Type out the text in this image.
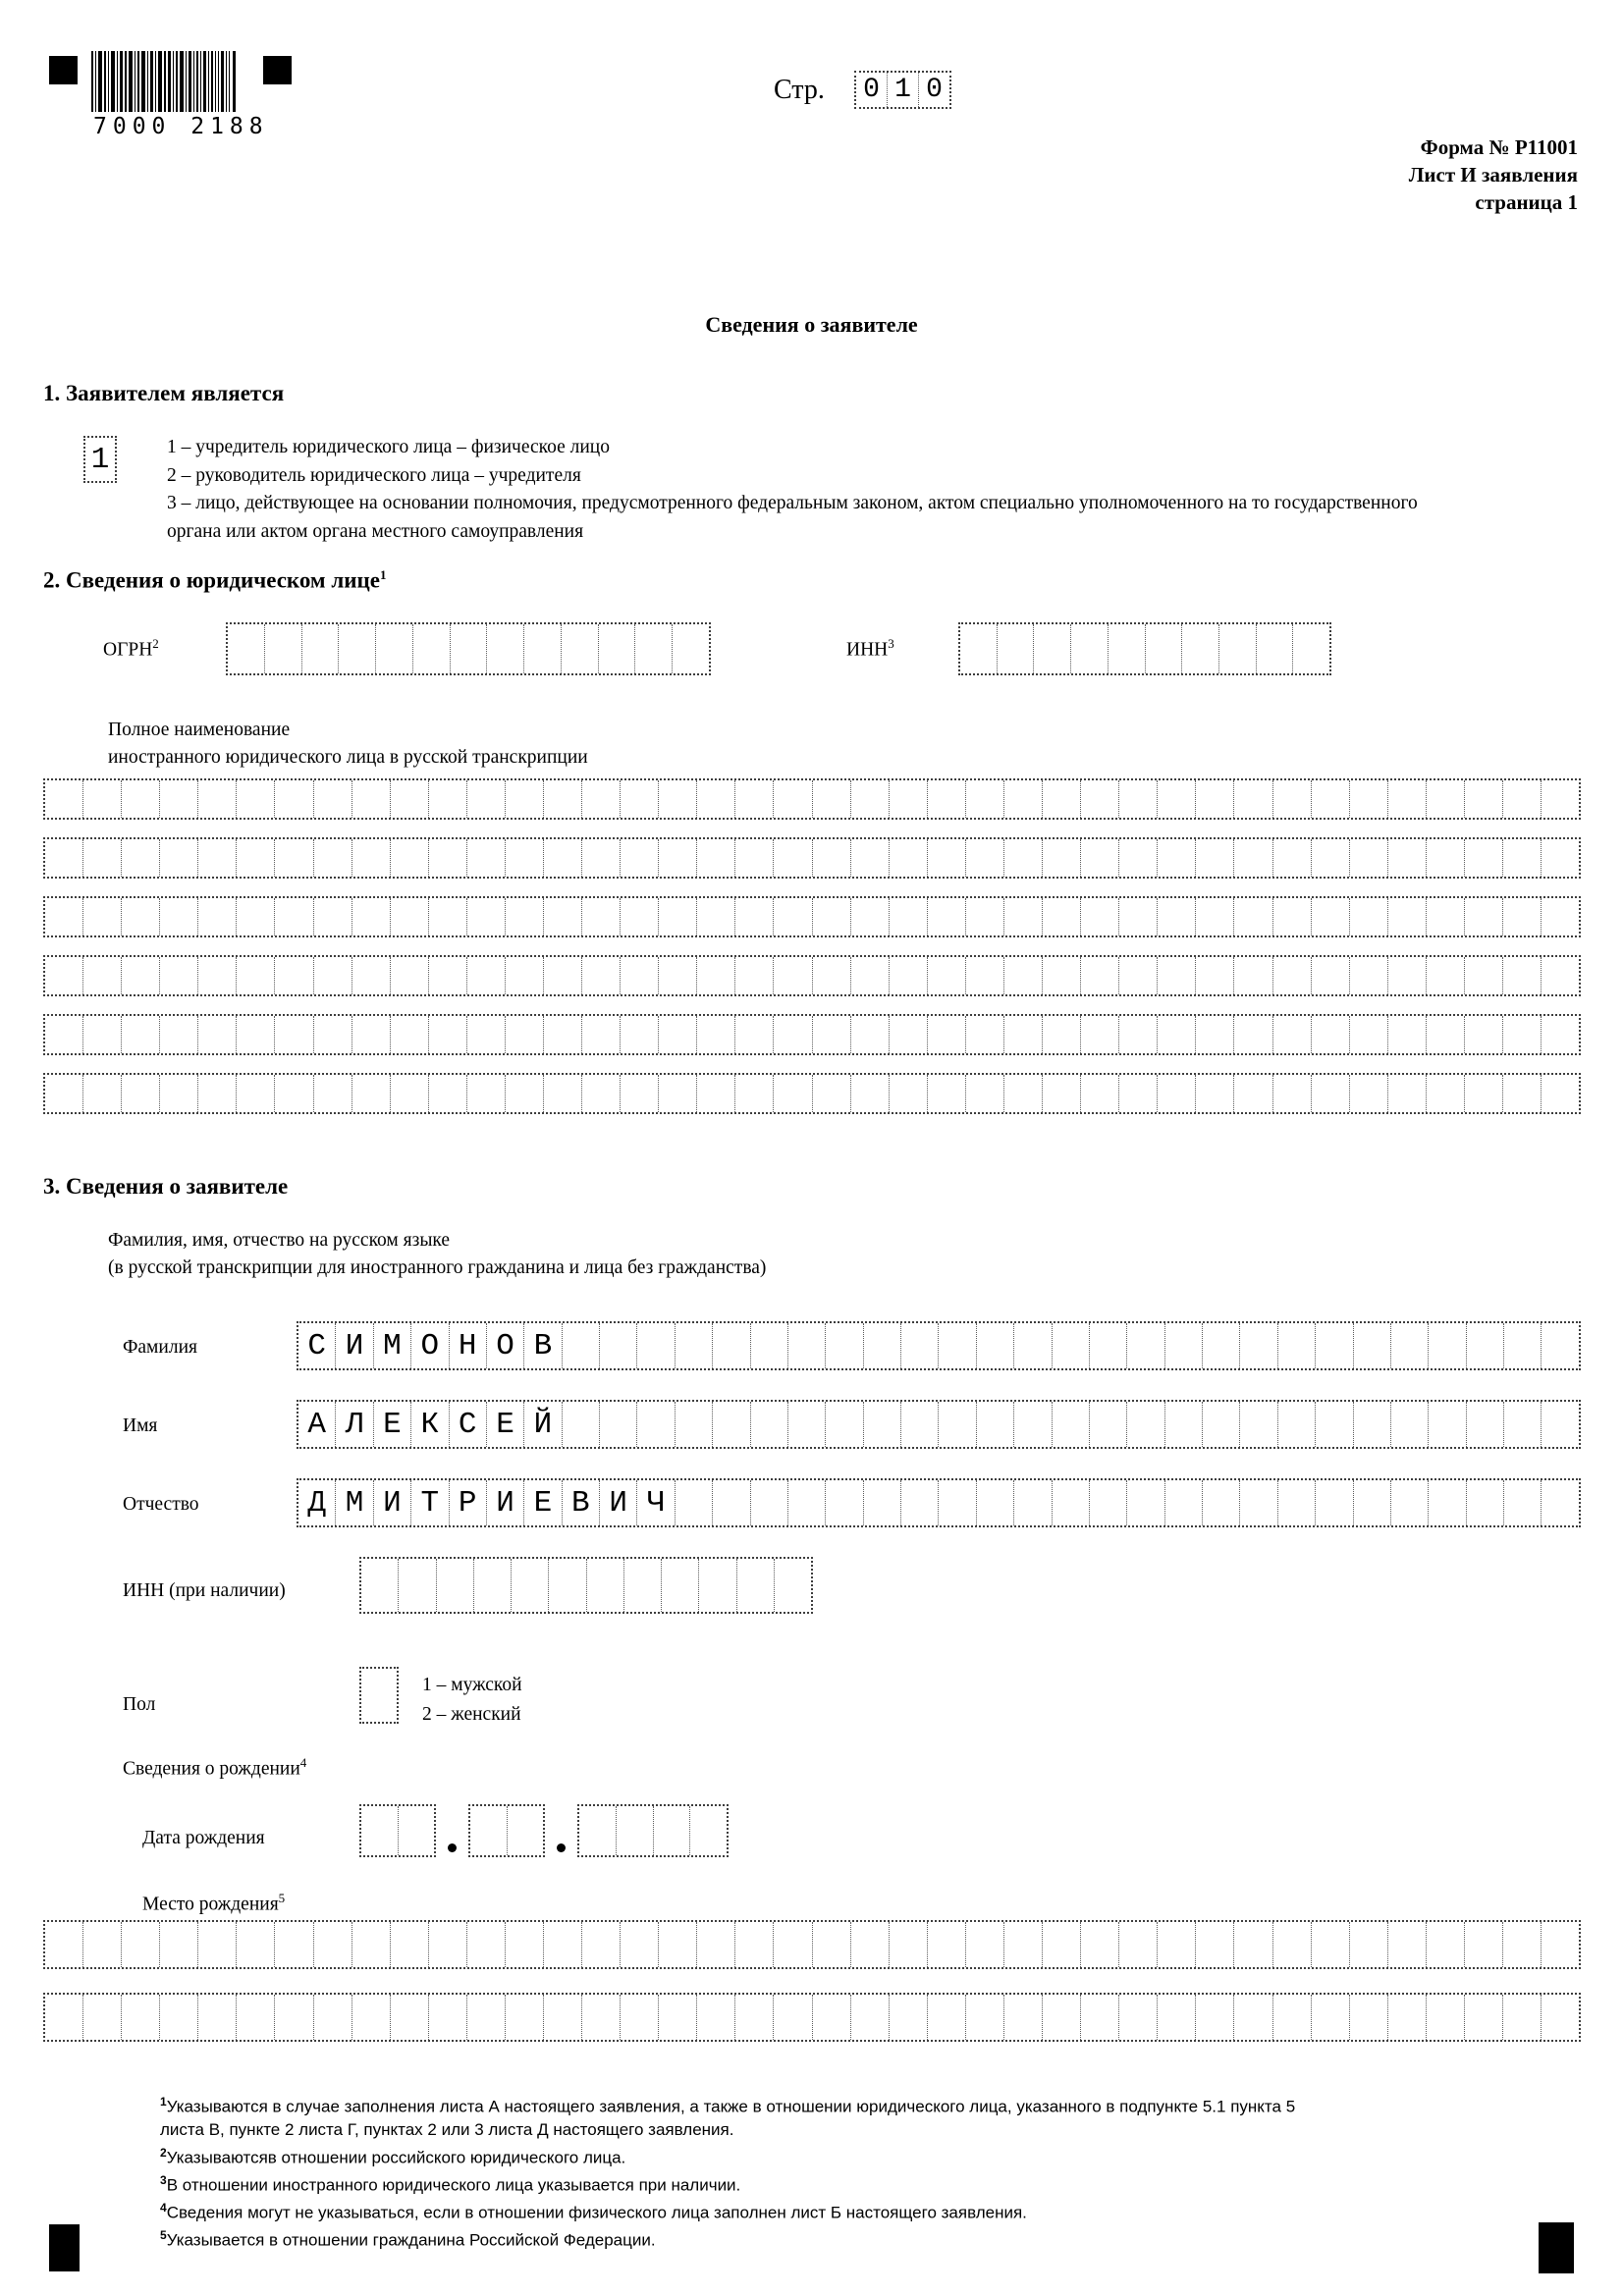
7000 2188
Стр. 0 1 0
Форма № Р11001
Лист И заявления
страница 1
Сведения о заявителе
1. Заявителем является
1	1 – учредитель юридического лица – физическое лицо
2 – руководитель юридического лица – учредителя
3 – лицо, действующее на основании полномочия, предусмотренного федеральным законом, актом специально уполномоченного на то государственного органа или актом органа местного самоуправления
2. Сведения о юридическом лице$^1$
ОГРН$^2$	ИНН$^3$
Полное наименование
иностранного юридического лица в русской транскрипции
3. Сведения о заявителе
Фамилия, имя, отчество на русском языке
(в русской транскрипции для иностранного гражданина и лица без гражданства)
Фамилия	С И М О Н О В
Имя	А Л Е К С Е Й
Отчество	Д М И Т Р И Е В И Ч
ИНН (при наличии)
Пол
1 – мужской
2 – женский
Сведения о рождении$^4$
Дата рождения
Место рождения$^5$
$^1$Указываются в случае заполнения листа А настоящего заявления, а также в отношении юридического лица, указанного в подпункте 5.1 пункта 5 листа В, пункте 2 листа Г, пунктах 2 или 3 листа Д настоящего заявления.
$^2$Указываютсяв отношении российского юридического лица.
$^3$В отношении иностранного юридического лица указывается при наличии.
$^4$Сведения могут не указываться, если в отношении физического лица заполнен лист Б настоящего заявления.
$^5$Указывается в отношении гражданина Российской Федерации.
